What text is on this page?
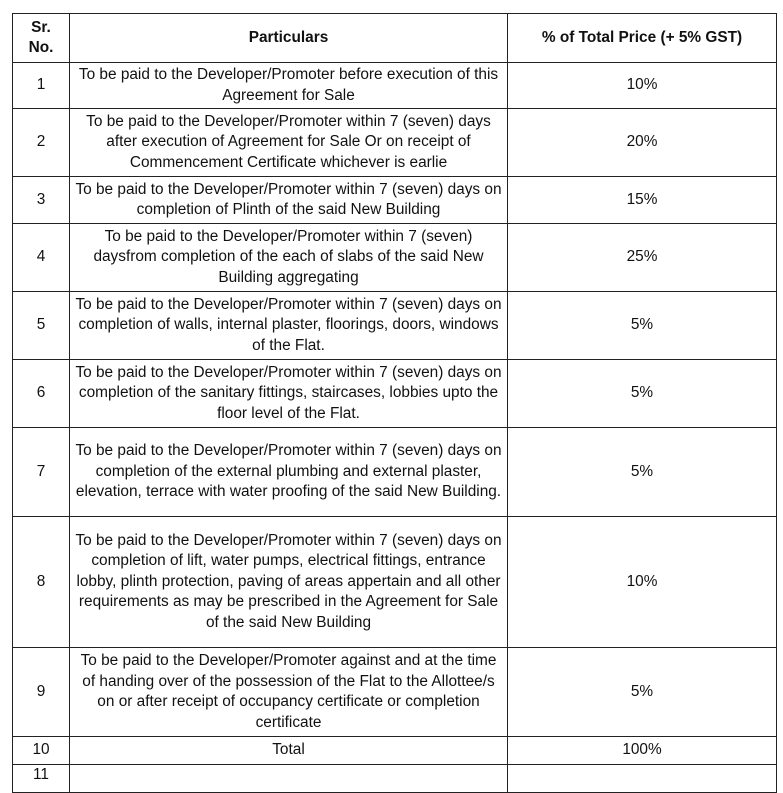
Sr. No.	Particulars	% of Total Price (+ 5% GST)
1	To be paid to the Developer/Promoter before execution of this Agreement for Sale	10%
2	To be paid to the Developer/Promoter within 7 (seven) days after execution of Agreement for Sale Or on receipt of Commencement Certificate whichever is earlie	20%
3	To be paid to the Developer/Promoter within 7 (seven) days on completion of Plinth of the said New Building	15%
4	To be paid to the Developer/Promoter within 7 (seven) daysfrom completion of the each of slabs of the said New Building aggregating	25%
5	To be paid to the Developer/Promoter within 7 (seven) days on completion of walls, internal plaster, floorings, doors, windows of the Flat.	5%
6	To be paid to the Developer/Promoter within 7 (seven) days on completion of the sanitary fittings, staircases, lobbies upto the floor level of the Flat.	5%
7	To be paid to the Developer/Promoter within 7 (seven) days on completion of the external plumbing and external plaster, elevation, terrace with water proofing of the said New Building.	5%
8	To be paid to the Developer/Promoter within 7 (seven) days on completion of lift, water pumps, electrical fittings, entrance lobby, plinth protection, paving of areas appertain and all other requirements as may be prescribed in the Agreement for Sale of the said New Building	10%
9	To be paid to the Developer/Promoter against and at the time of handing over of the possession of the Flat to the Allottee/s on or after receipt of occupancy certificate or completion certificate	5%
10	Total	100%
11		
